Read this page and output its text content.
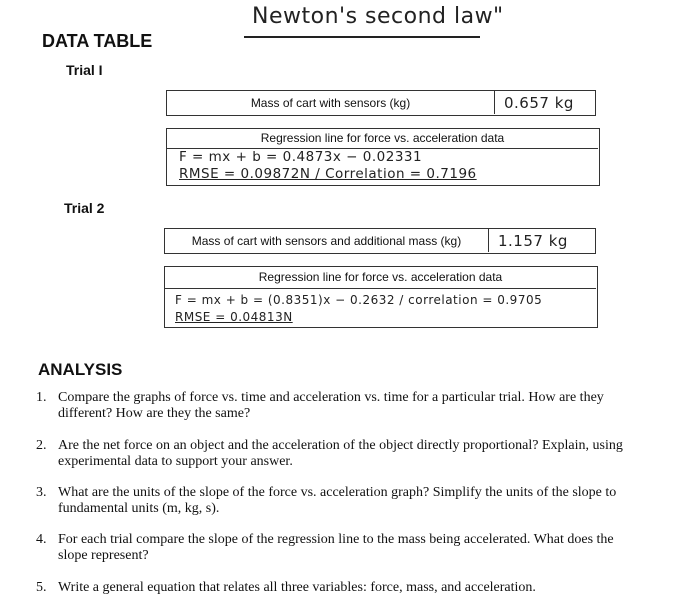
Newton's second law"
DATA TABLE
Trial I
Mass of cart with sensors (kg)	0.657 kg
Regression line for force vs. acceleration data
F = mx + b = 0.4873x − 0.02331
RMSE = 0.09872N / Correlation = 0.7196
Trial 2
Mass of cart with sensors and additional mass (kg)	1.157 kg
Regression line for force vs. acceleration data
F = mx + b = (0.8351)x − 0.2632 / correlation = 0.9705
RMSE = 0.04813N
ANALYSIS
1. Compare the graphs of force vs. time and acceleration vs. time for a particular trial. How are they
different? How are they the same?
2. Are the net force on an object and the acceleration of the object directly proportional? Explain, using
experimental data to support your answer.
3. What are the units of the slope of the force vs. acceleration graph? Simplify the units of the slope to
fundamental units (m, kg, s).
4. For each trial compare the slope of the regression line to the mass being accelerated. What does the
slope represent?
5. Write a general equation that relates all three variables: force, mass, and acceleration.
